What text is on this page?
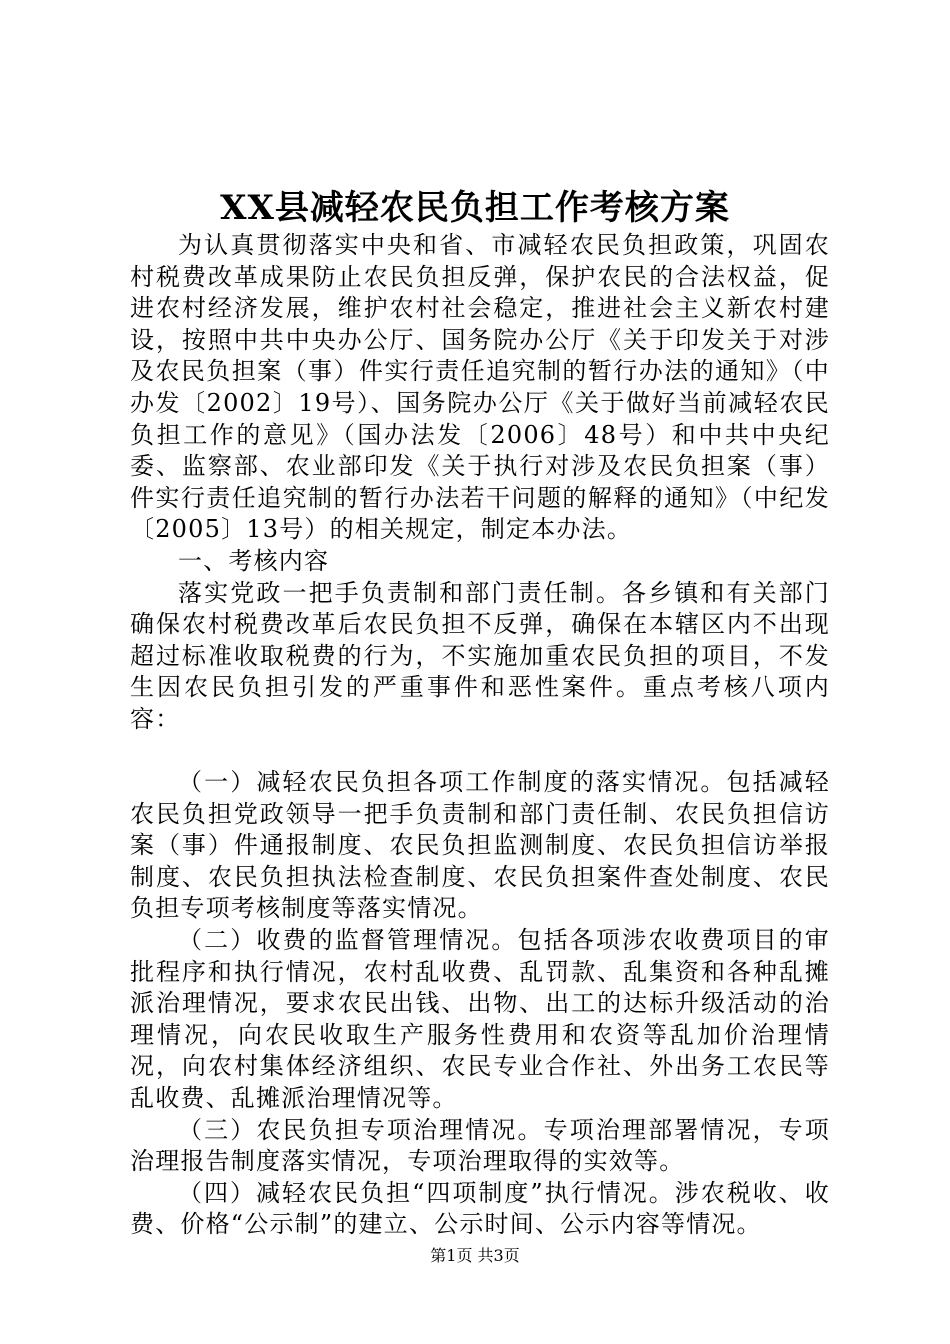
XX县减轻农民负担工作考核方案

为认真贯彻落实中央和省、市减轻农民负担政策，巩固农村税费改革成果防止农民负担反弹，保护农民的合法权益，促进农村经济发展，维护农村社会稳定，推进社会主义新农村建设，按照中共中央办公厅、国务院办公厅《关于印发关于对涉及农民负担案（事）件实行责任追究制的暂行办法的通知》（中办发〔2002〕19号）、国务院办公厅《关于做好当前减轻农民负担工作的意见》（国办法发〔2006〕48号）和中共中央纪委、监察部、农业部印发《关于执行对涉及农民负担案（事）件实行责任追究制的暂行办法若干问题的解释的通知》（中纪发〔2005〕13号）的相关规定，制定本办法。

一、考核内容

落实党政一把手负责制和部门责任制。各乡镇和有关部门确保农村税费改革后农民负担不反弹，确保在本辖区内不出现超过标准收取税费的行为，不实施加重农民负担的项目，不发生因农民负担引发的严重事件和恶性案件。重点考核八项内容：

（一）减轻农民负担各项工作制度的落实情况。包括减轻农民负担党政领导一把手负责制和部门责任制、农民负担信访案（事）件通报制度、农民负担监测制度、农民负担信访举报制度、农民负担执法检查制度、农民负担案件查处制度、农民负担专项考核制度等落实情况。

（二）收费的监督管理情况。包括各项涉农收费项目的审批程序和执行情况，农村乱收费、乱罚款、乱集资和各种乱摊派治理情况，要求农民出钱、出物、出工的达标升级活动的治理情况，向农民收取生产服务性费用和农资等乱加价治理情况，向农村集体经济组织、农民专业合作社、外出务工农民等乱收费、乱摊派治理情况等。

（三）农民负担专项治理情况。专项治理部署情况，专项治理报告制度落实情况，专项治理取得的实效等。

（四）减轻农民负担“四项制度”执行情况。涉农税收、收费、价格“公示制”的建立、公示时间、公示内容等情况。

第1页 共3页
